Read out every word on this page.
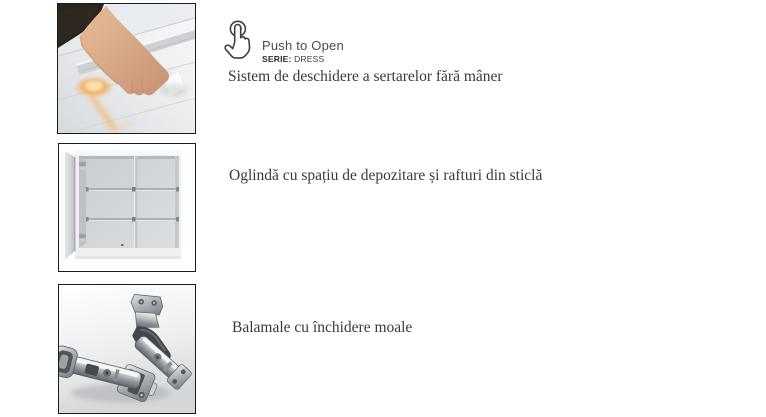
Push to Open
SERIE: DRESS
Sistem de deschidere a sertarelor fără mâner
Oglindă cu spațiu de depozitare și rafturi din sticlă
Balamale cu închidere moale
